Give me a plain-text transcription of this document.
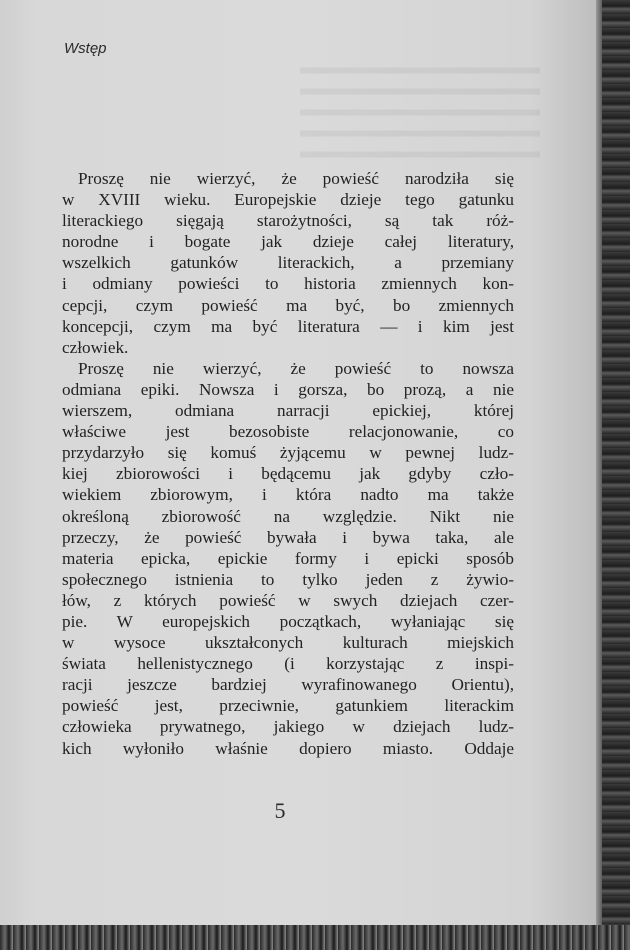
Wstęp
Proszę nie wierzyć, że powieść narodziła się
w XVIII wieku. Europejskie dzieje tego gatunku
literackiego sięgają starożytności, są tak róż-
norodne i bogate jak dzieje całej literatury,
wszelkich gatunków literackich, a przemiany
i odmiany powieści to historia zmiennych kon-
cepcji, czym powieść ma być, bo zmiennych
koncepcji, czym ma być literatura — i kim jest
człowiek.
Proszę nie wierzyć, że powieść to nowsza
odmiana epiki. Nowsza i gorsza, bo prozą, a nie
wierszem, odmiana narracji epickiej, której
właściwe jest bezosobiste relacjonowanie, co
przydarzyło się komuś żyjącemu w pewnej ludz-
kiej zbiorowości i będącemu jak gdyby czło-
wiekiem zbiorowym, i która nadto ma także
określoną zbiorowość na względzie. Nikt nie
przeczy, że powieść bywała i bywa taka, ale
materia epicka, epickie formy i epicki sposób
społecznego istnienia to tylko jeden z żywio-
łów, z których powieść w swych dziejach czer-
pie. W europejskich początkach, wyłaniając się
w wysoce ukształconych kulturach miejskich
świata hellenistycznego (i korzystając z inspi-
racji jeszcze bardziej wyrafinowanego Orientu),
powieść jest, przeciwnie, gatunkiem literackim
człowieka prywatnego, jakiego w dziejach ludz-
kich wyłoniło właśnie dopiero miasto. Oddaje
5
